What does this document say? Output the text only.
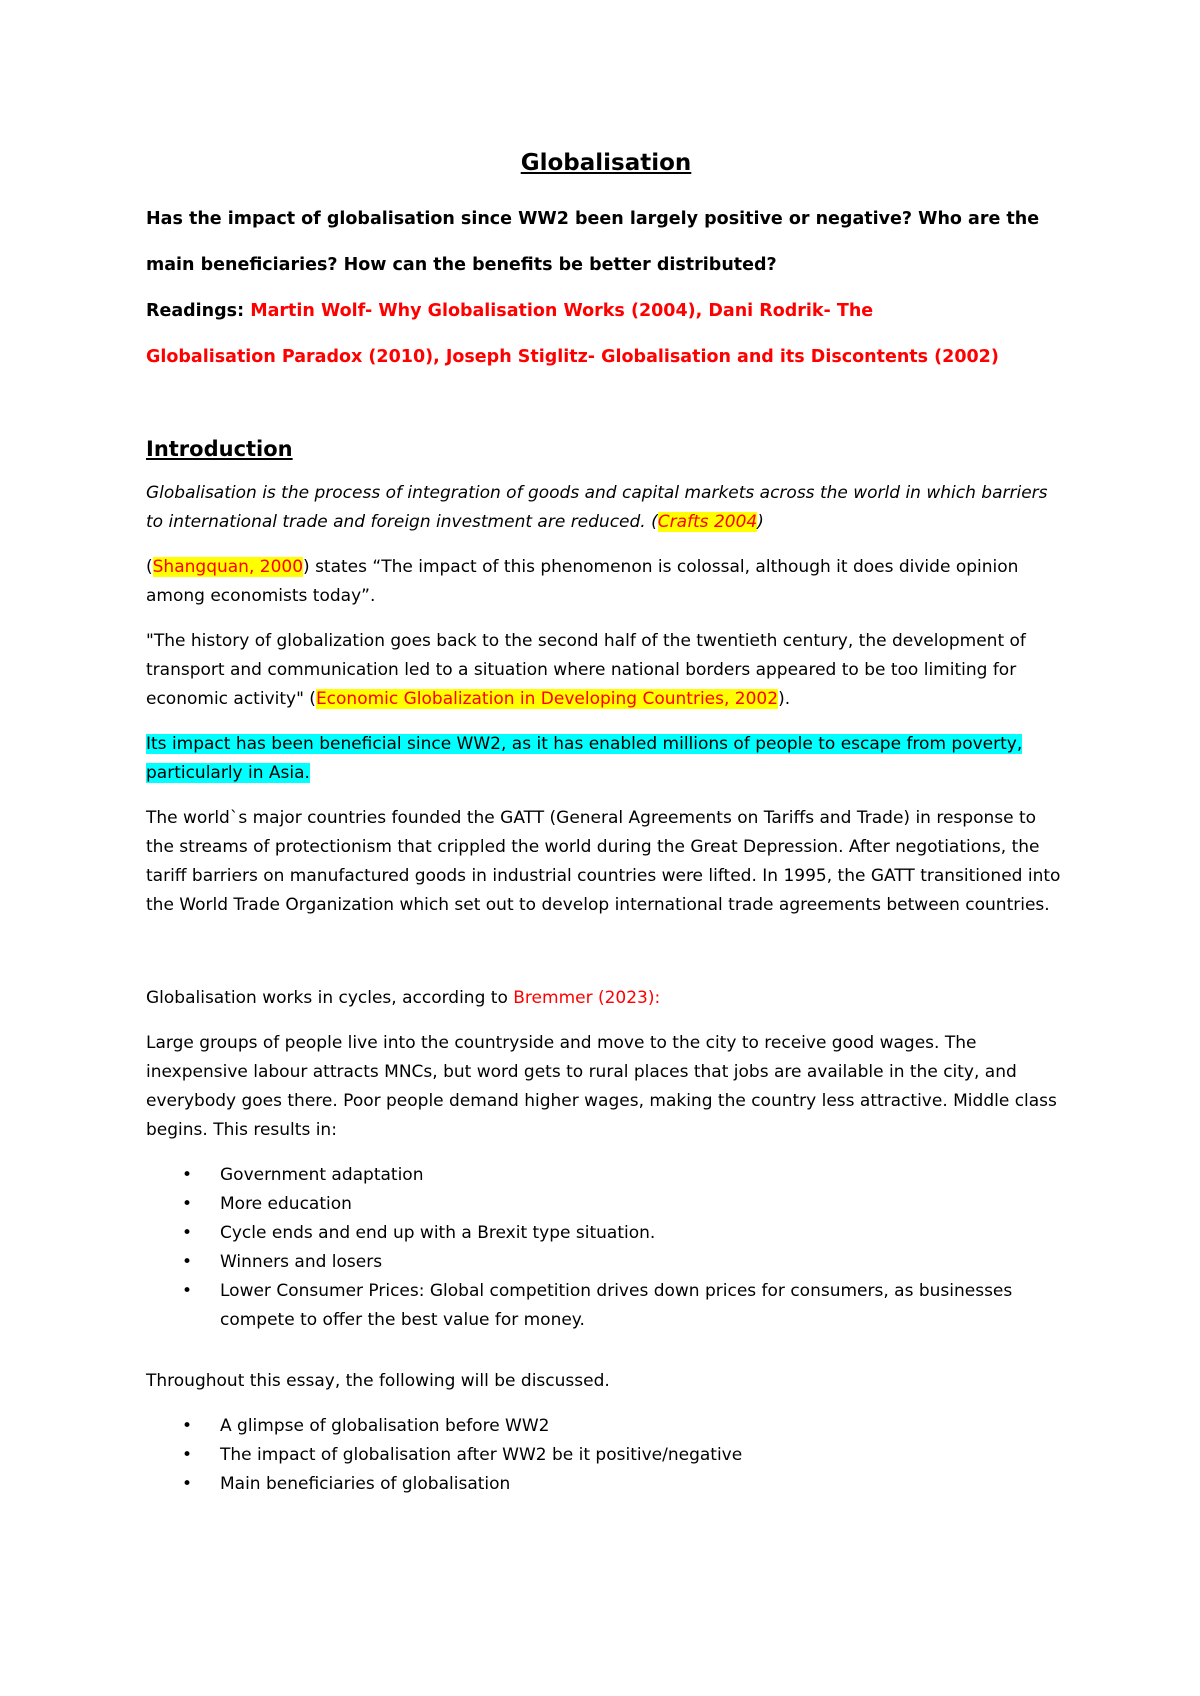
Globalisation

Has the impact of globalisation since WW2 been largely positive or negative? Who are the

main beneficiaries? How can the benefits be better distributed?

Readings: Martin Wolf- Why Globalisation Works (2004), Dani Rodrik- The

Globalisation Paradox (2010), Joseph Stiglitz- Globalisation and its Discontents (2002)

Introduction

Globalisation is the process of integration of goods and capital markets across the world in which barriers to international trade and foreign investment are reduced. (Crafts 2004)

(Shangquan, 2000) states “The impact of this phenomenon is colossal, although it does divide opinion among economists today”.

"The history of globalization goes back to the second half of the twentieth century, the development of transport and communication led to a situation where national borders appeared to be too limiting for economic activity" (Economic Globalization in Developing Countries, 2002).

Its impact has been beneficial since WW2, as it has enabled millions of people to escape from poverty, particularly in Asia.

The world`s major countries founded the GATT (General Agreements on Tariffs and Trade) in response to the streams of protectionism that crippled the world during the Great Depression. After negotiations, the tariff barriers on manufactured goods in industrial countries were lifted. In 1995, the GATT transitioned into the World Trade Organization which set out to develop international trade agreements between countries.

Globalisation works in cycles, according to Bremmer (2023):

Large groups of people live into the countryside and move to the city to receive good wages. The inexpensive labour attracts MNCs, but word gets to rural places that jobs are available in the city, and everybody goes there. Poor people demand higher wages, making the country less attractive. Middle class begins. This results in:

• Government adaptation
• More education
• Cycle ends and end up with a Brexit type situation.
• Winners and losers
• Lower Consumer Prices: Global competition drives down prices for consumers, as businesses compete to offer the best value for money.

Throughout this essay, the following will be discussed.

• A glimpse of globalisation before WW2
• The impact of globalisation after WW2 be it positive/negative
• Main beneficiaries of globalisation
